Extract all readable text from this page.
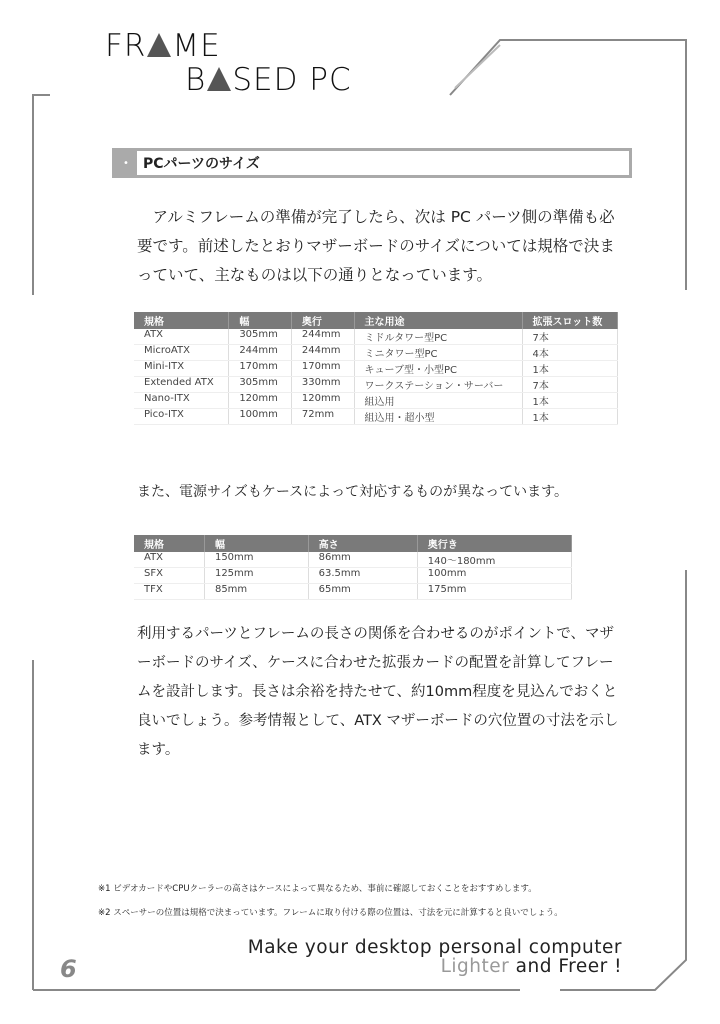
FR ME
B SED PC
•	PCパーツのサイズ
　アルミフレームの準備が完了したら、次は PC パーツ側の準備も必要です。前述したとおりマザーボードのサイズについては規格で決まっていて、主なものは以下の通りとなっています。
規格	幅	奥行	主な用途	拡張スロット数
ATX	305mm	244mm	ミドルタワー型PC	7本
MicroATX	244mm	244mm	ミニタワー型PC	4本
Mini-ITX	170mm	170mm	キューブ型・小型PC	1本
Extended ATX	305mm	330mm	ワークステーション・サーバー	7本
Nano-ITX	120mm	120mm	組込用	1本
Pico-ITX	100mm	72mm	組込用・超小型	1本
また、電源サイズもケースによって対応するものが異なっています。
規格	幅	高さ	奥行き
ATX	150mm	86mm	140～180mm
SFX	125mm	63.5mm	100mm
TFX	85mm	65mm	175mm
利用するパーツとフレームの長さの関係を合わせるのがポイントで、マザーボードのサイズ、ケースに合わせた拡張カードの配置を計算してフレームを設計します。長さは余裕を持たせて、約10mm程度を見込んでおくと良いでしょう。参考情報として、ATX マザーボードの穴位置の寸法を示します。
※1 ビデオカードやCPUクーラーの高さはケースによって異なるため、事前に確認しておくことをおすすめします。
※2 スペーサーの位置は規格で決まっています。フレームに取り付ける際の位置は、寸法を元に計算すると良いでしょう。
Make your desktop personal computer
Lighter and Freer !
6
